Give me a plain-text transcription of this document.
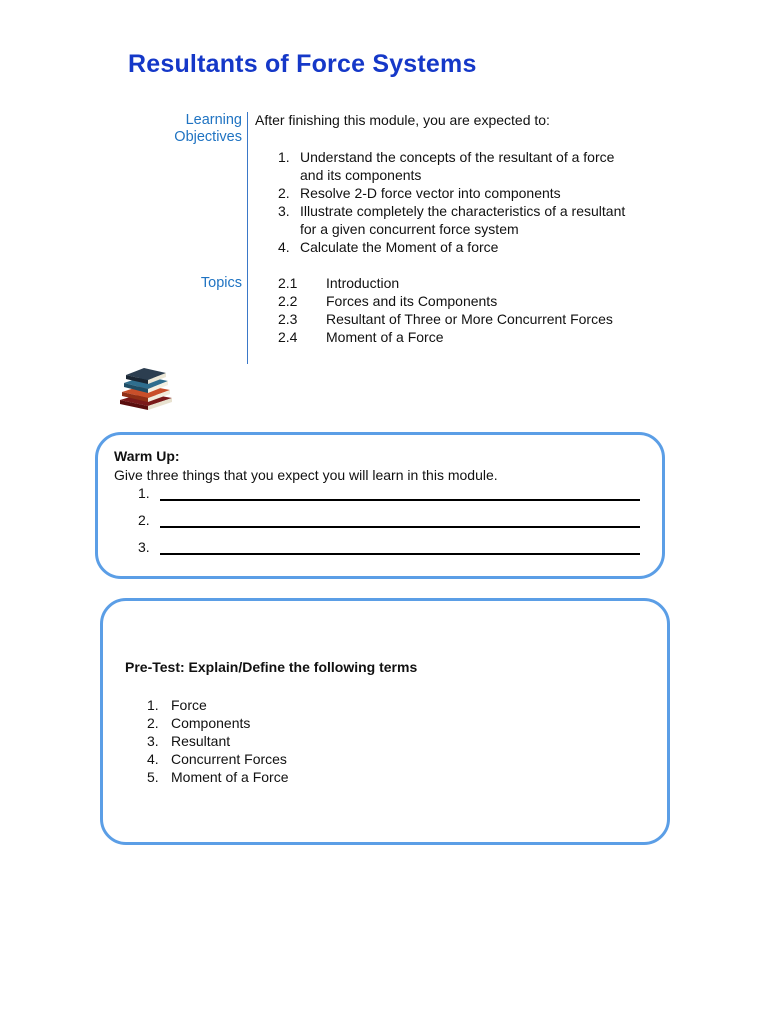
Resultants of Force Systems
Learning
Objectives
Topics
After finishing this module, you are expected to:
1. Understand the concepts of the resultant of a force
and its components
2. Resolve 2-D force vector into components
3. Illustrate completely the characteristics of a resultant
for a given concurrent force system
4. Calculate the Moment of a force
2.1	Introduction
2.2	Forces and its Components
2.3	Resultant of Three or More Concurrent Forces
2.4	Moment of a Force
Warm Up:
Give three things that you expect you will learn in this module.
1.
2.
3.
Pre-Test: Explain/Define the following terms
1. Force
2. Components
3. Resultant
4. Concurrent Forces
5. Moment of a Force
